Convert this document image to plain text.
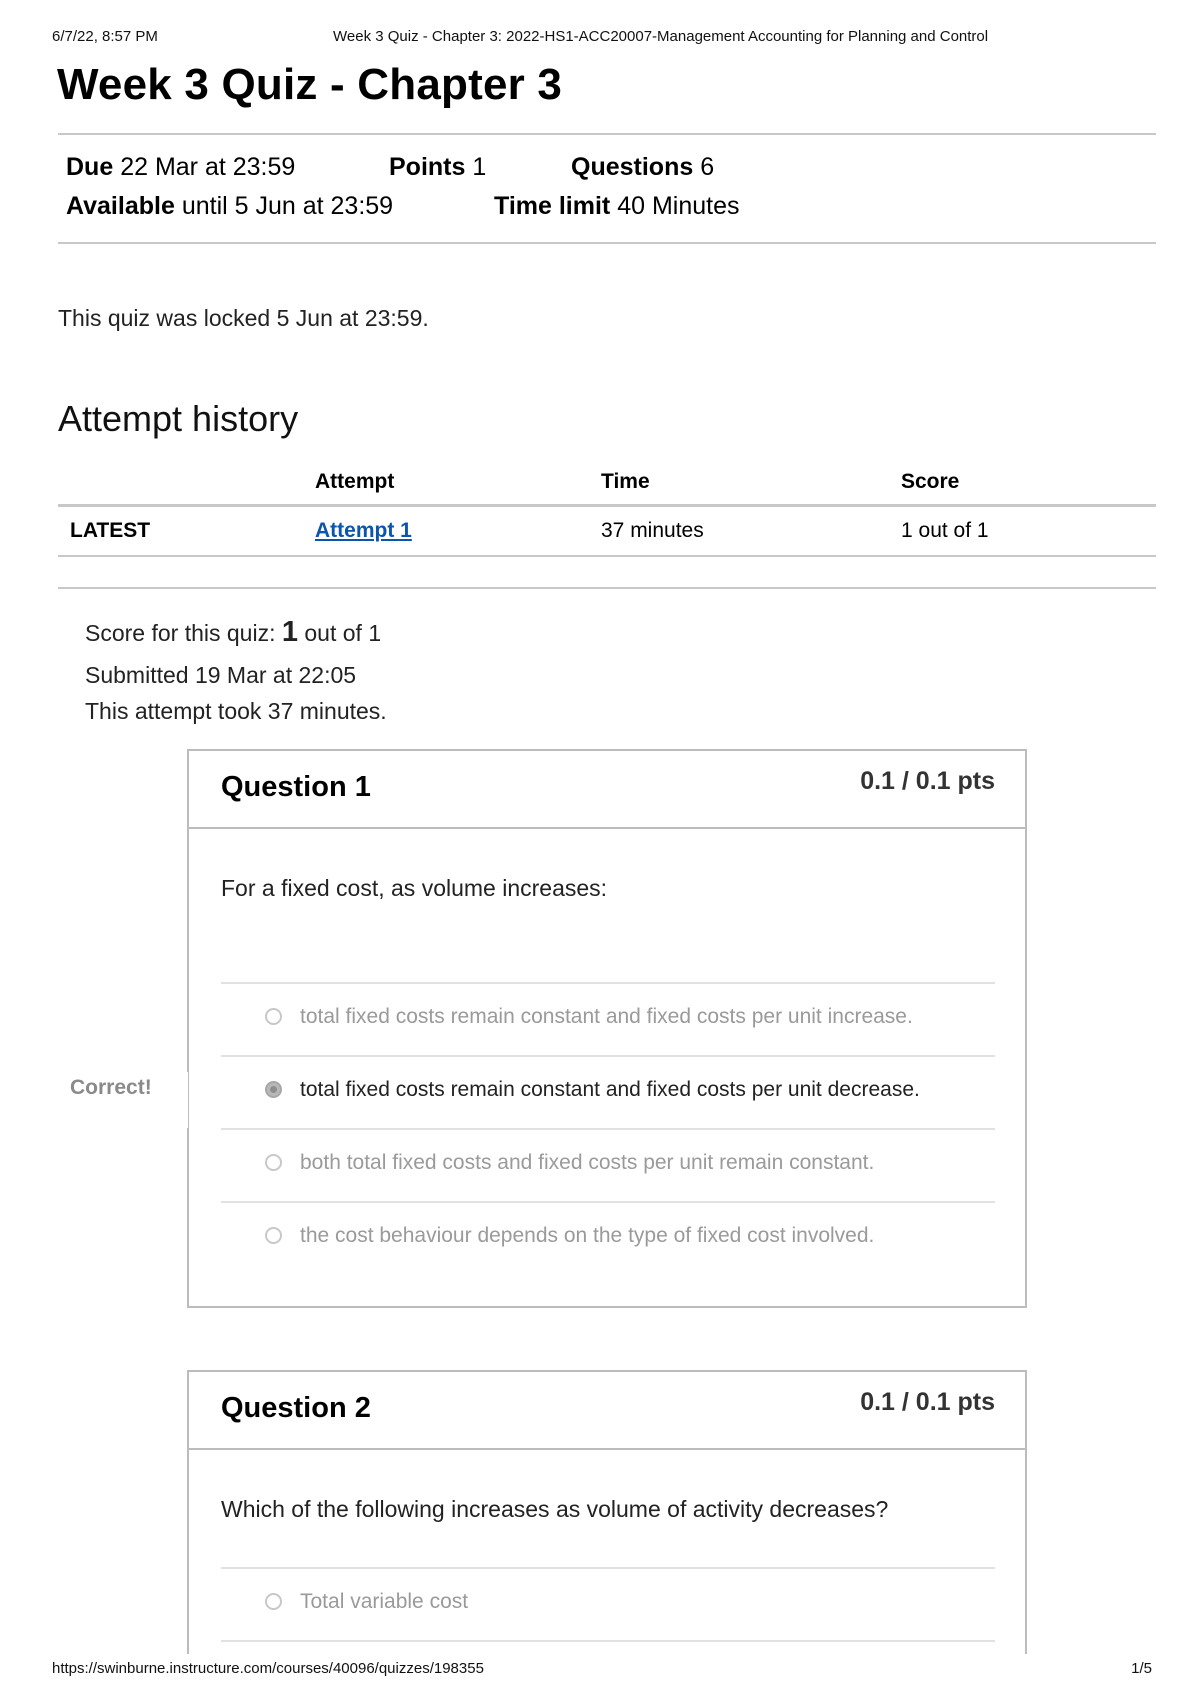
6/7/22, 8:57 PM	Week 3 Quiz - Chapter 3: 2022-HS1-ACC20007-Management Accounting for Planning and Control
Week 3 Quiz - Chapter 3
Due 22 Mar at 23:59	Points 1	Questions 6
Available until 5 Jun at 23:59	Time limit 40 Minutes
This quiz was locked 5 Jun at 23:59.
Attempt history
	Attempt	Time	Score
LATEST	Attempt 1	37 minutes	1 out of 1
Score for this quiz: 1 out of 1
Submitted 19 Mar at 22:05
This attempt took 37 minutes.
Question 1	0.1 / 0.1 pts
For a fixed cost, as volume increases:
total fixed costs remain constant and fixed costs per unit increase.
total fixed costs remain constant and fixed costs per unit decrease.
both total fixed costs and fixed costs per unit remain constant.
the cost behaviour depends on the type of fixed cost involved.
Correct!
Question 2	0.1 / 0.1 pts
Which of the following increases as volume of activity decreases?
Total variable cost
https://swinburne.instructure.com/courses/40096/quizzes/198355	1/5
